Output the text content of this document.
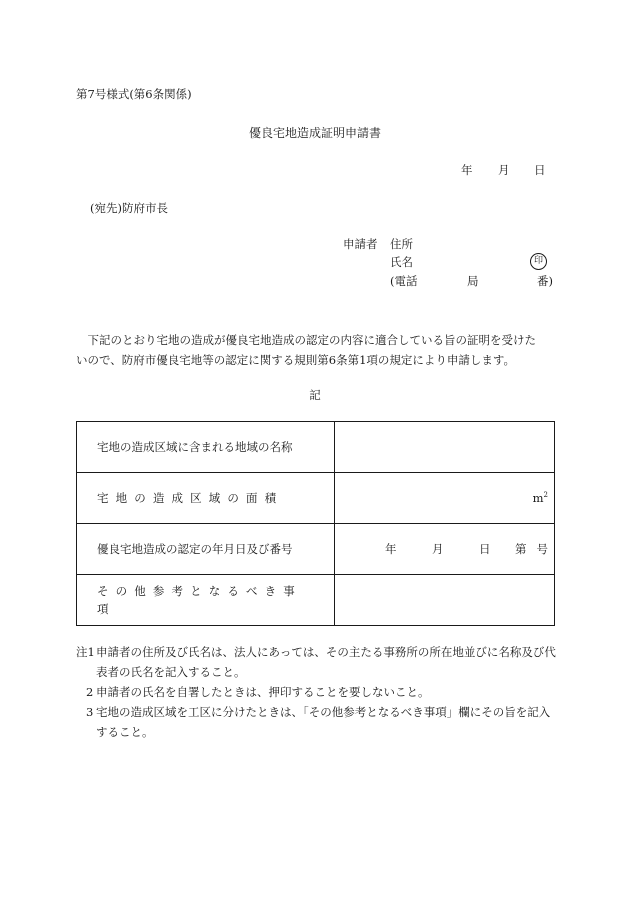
第7号様式(第6条関係)
優良宅地造成証明申請書
年 月 日
(宛先)防府市長
申請者 住所
氏名	印
(電話	局	番)

下記のとおり宅地の造成が優良宅地造成の認定の内容に適合している旨の証明を受けた

いので、防府市優良宅地等の認定に関する規則第6条第1項の規定により申請します。

記
宅地の造成区域に含まれる地域の名称	
宅地の造成区域の面積	$m^2$

優良宅地造成の認定の年月日及び番号	年 月 日 第 号

その他参考となるべき事項	
注1 申請者の住所及び氏名は、法人にあっては、その主たる事務所の所在地並びに名称及び代表者の氏名を記入すること。
2 申請者の氏名を自署したときは、押印することを要しないこと。
3 宅地の造成区域を工区に分けたときは、「その他参考となるべき事項」欄にその旨を記入すること。
